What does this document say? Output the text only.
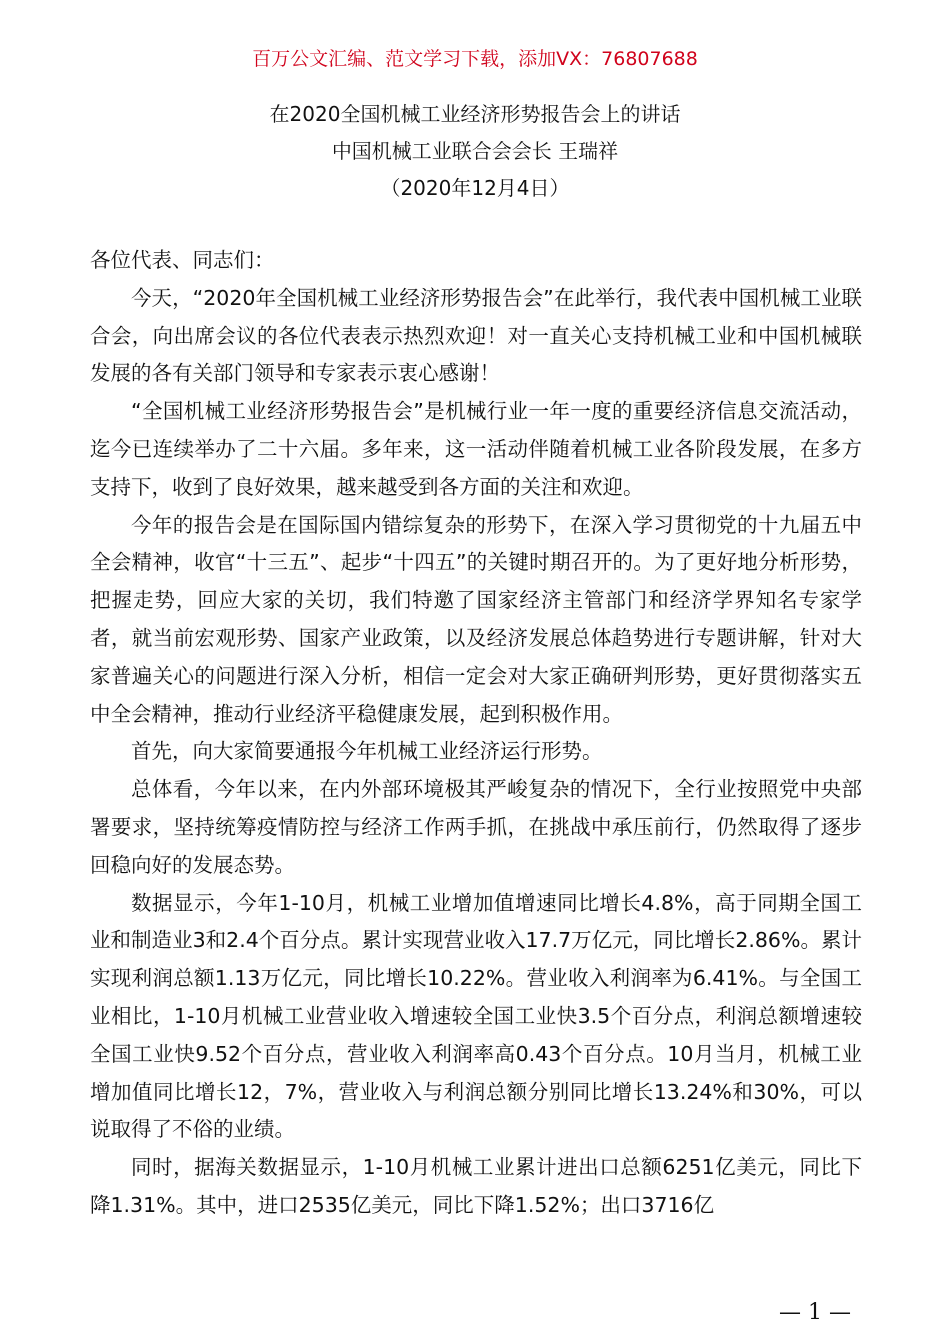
百万公文汇编、范文学习下载，添加VX：76807688
在2020全国机械工业经济形势报告会上的讲话
中国机械工业联合会会长 王瑞祥
（2020年12月4日）

各位代表、同志们：

今天，“2020年全国机械工业经济形势报告会”在此举行，我代表中国机械工业联合会，向出席会议的各位代表表示热烈欢迎！对一直关心支持机械工业和中国机械联发展的各有关部门领导和专家表示衷心感谢！

“全国机械工业经济形势报告会”是机械行业一年一度的重要经济信息交流活动，迄今已连续举办了二十六届。多年来，这一活动伴随着机械工业各阶段发展，在多方支持下，收到了良好效果，越来越受到各方面的关注和欢迎。

今年的报告会是在国际国内错综复杂的形势下，在深入学习贯彻党的十九届五中全会精神，收官“十三五”、起步“十四五”的关键时期召开的。为了更好地分析形势，把握走势，回应大家的关切，我们特邀了国家经济主管部门和经济学界知名专家学者，就当前宏观形势、国家产业政策，以及经济发展总体趋势进行专题讲解，针对大家普遍关心的问题进行深入分析，相信一定会对大家正确研判形势，更好贯彻落实五中全会精神，推动行业经济平稳健康发展，起到积极作用。

首先，向大家简要通报今年机械工业经济运行形势。

总体看，今年以来，在内外部环境极其严峻复杂的情况下，全行业按照党中央部署要求，坚持统筹疫情防控与经济工作两手抓，在挑战中承压前行，仍然取得了逐步回稳向好的发展态势。

数据显示，今年1-10月，机械工业增加值增速同比增长4.8%，高于同期全国工业和制造业3和2.4个百分点。累计实现营业收入17.7万亿元，同比增长2.86%。累计实现利润总额1.13万亿元，同比增长10.22%。营业收入利润率为6.41%。与全国工业相比，1-10月机械工业营业收入增速较全国工业快3.5个百分点，利润总额增速较全国工业快9.52个百分点，营业收入利润率高0.43个百分点。10月当月，机械工业增加值同比增长12，7%，营业收入与利润总额分别同比增长13.24%和30%，可以说取得了不俗的业绩。

同时，据海关数据显示，1-10月机械工业累计进出口总额6251亿美元，同比下降1.31%。其中，进口2535亿美元，同比下降1.52%；出口3716亿

— 1 —
